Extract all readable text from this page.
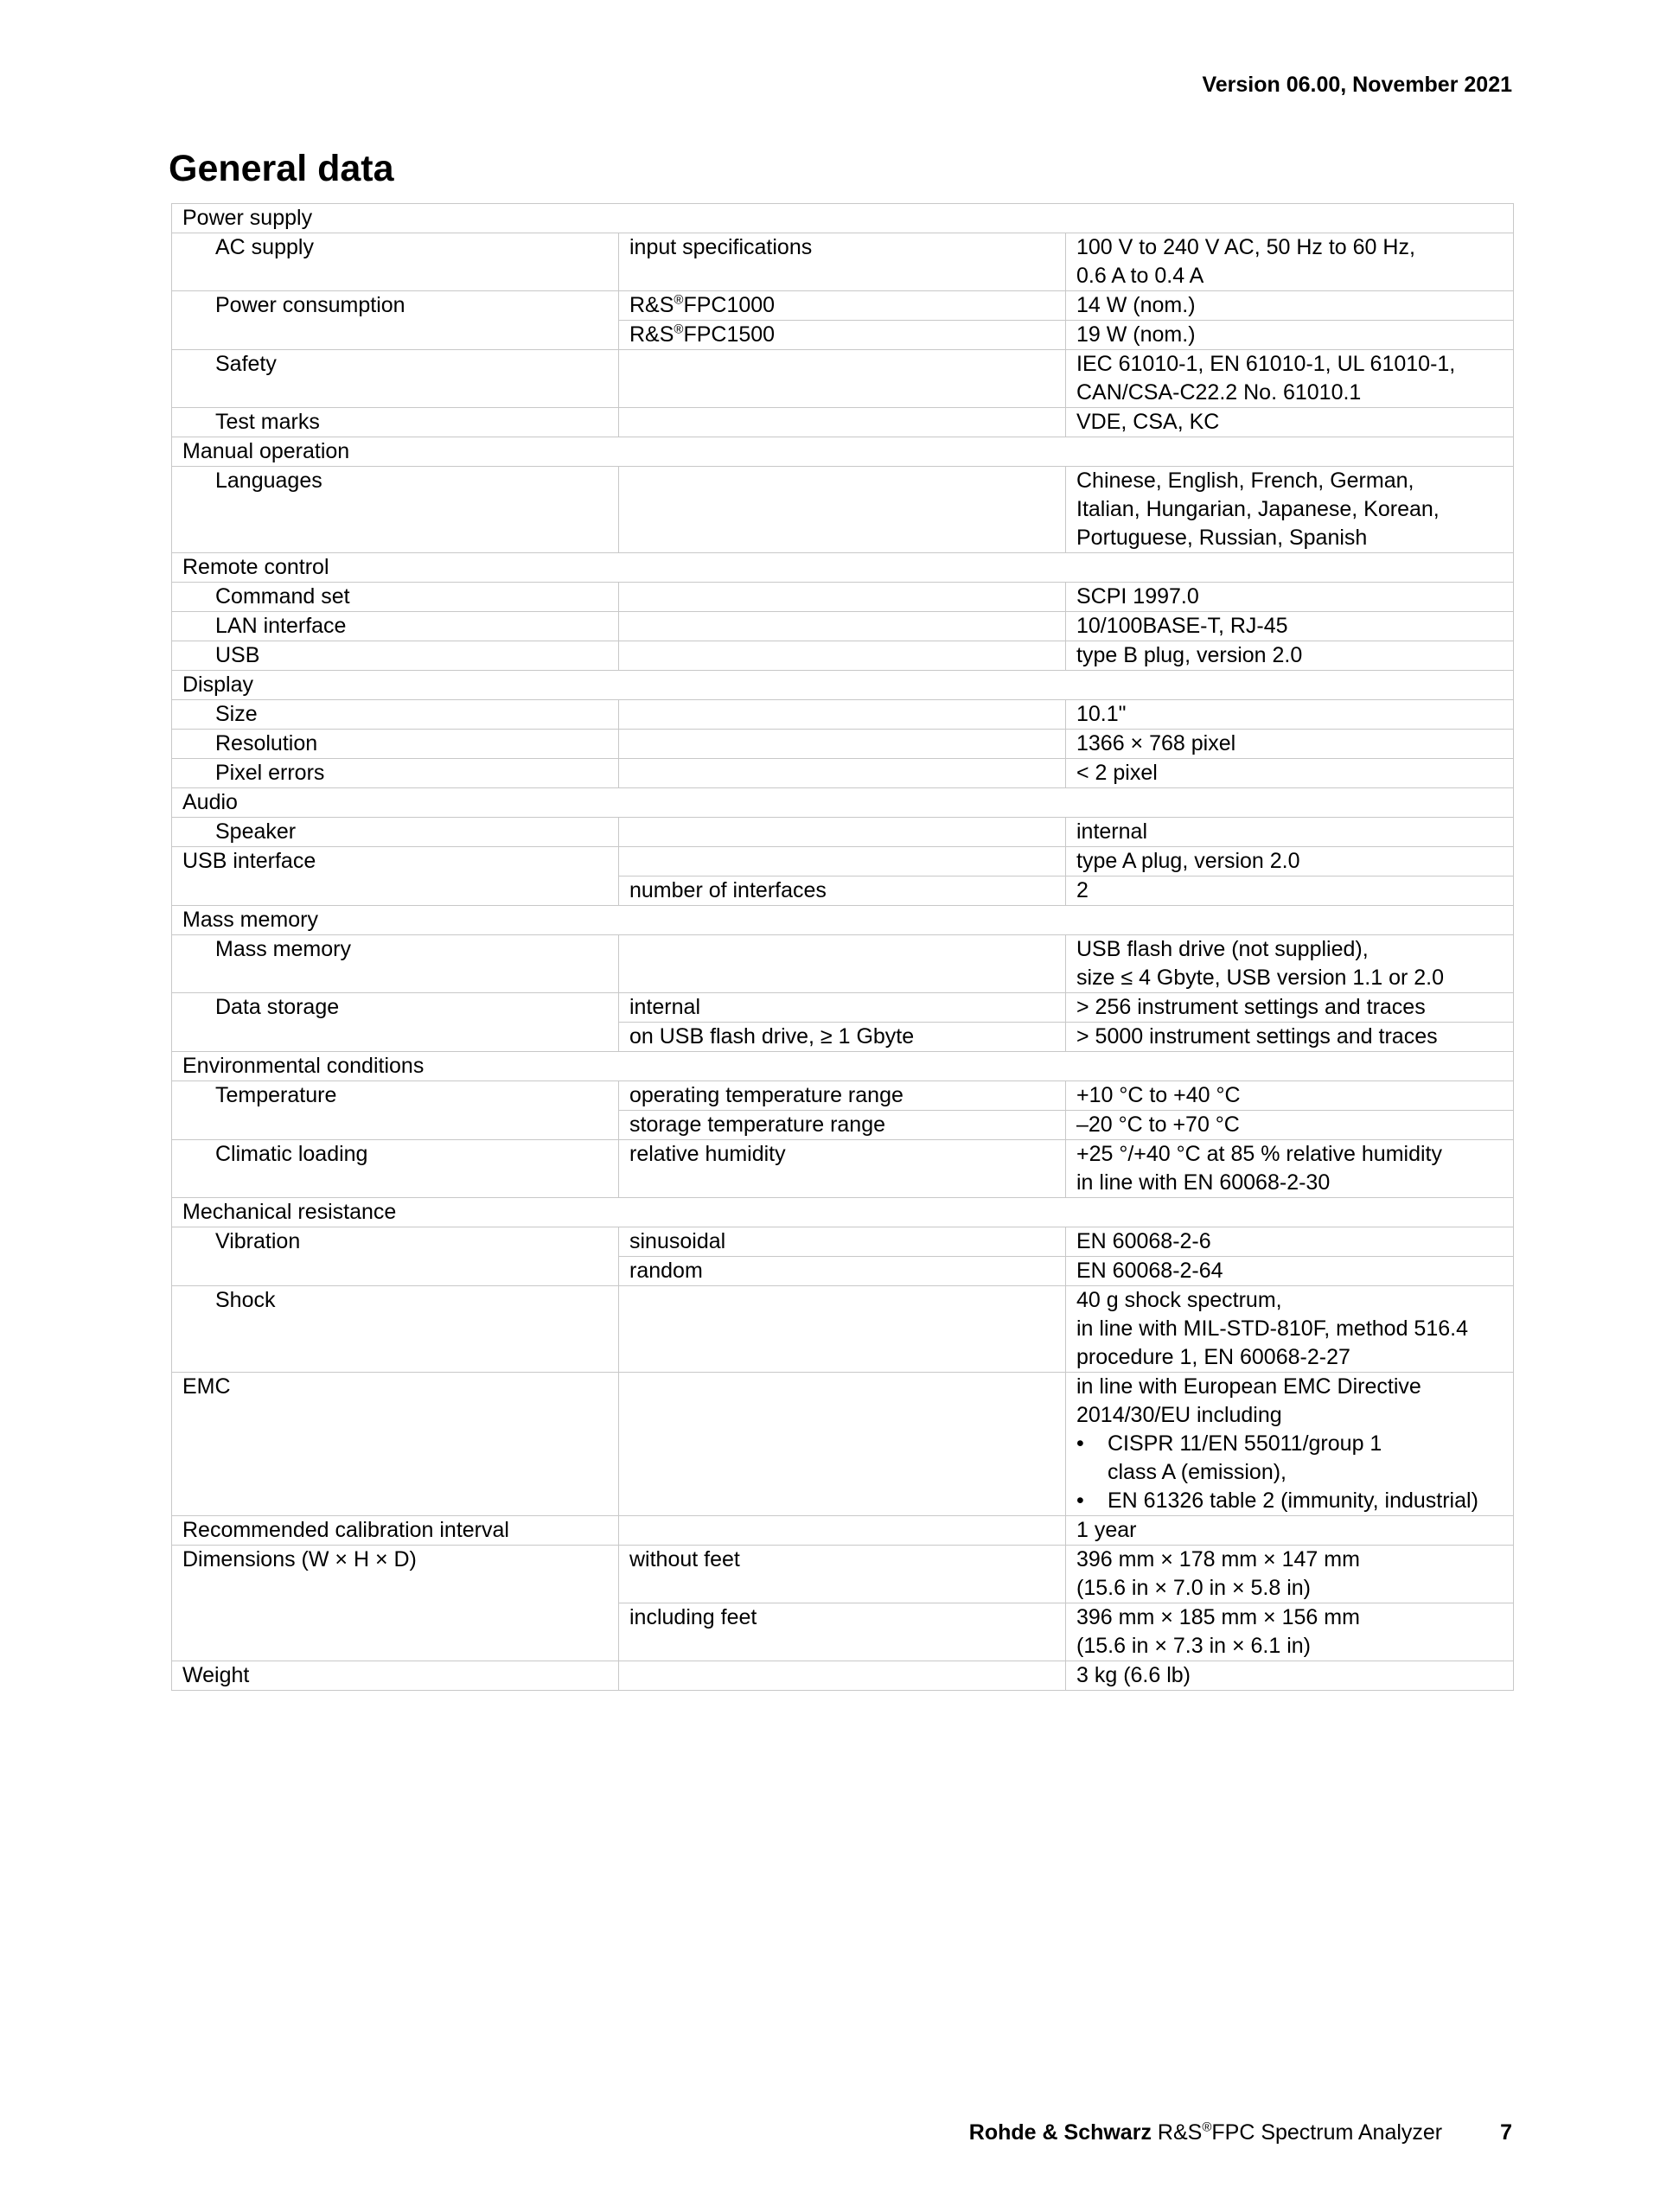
Version 06.00, November 2021
General data
Power supply		
AC supply	input specifications	100 V to 240 V AC, 50 Hz to 60 Hz,
0.6 A to 0.4 A

Power consumption	R&S®FPC1000	14 W (nom.)
	R&S®FPC1500	19 W (nom.)
Safety		IEC 61010-1, EN 61010-1, UL 61010-1,
CAN/CSA-C22.2 No. 61010.1

Test marks		VDE, CSA, KC
Manual operation		
Languages		Chinese, English, French, German,
Italian, Hungarian, Japanese, Korean,
Portuguese, Russian, Spanish

Remote control		
Command set		SCPI 1997.0
LAN interface		10/100BASE-T, RJ-45
USB		type B plug, version 2.0
Display		
Size		10.1"
Resolution		1366 × 768 pixel
Pixel errors		< 2 pixel
Audio		
Speaker		internal
USB interface		type A plug, version 2.0
	number of interfaces	2
Mass memory		
Mass memory		USB flash drive (not supplied),
size ≤ 4 Gbyte, USB version 1.1 or 2.0

Data storage	internal	> 256 instrument settings and traces
	on USB flash drive, ≥ 1 Gbyte	> 5000 instrument settings and traces
Environmental conditions		
Temperature	operating temperature range	+10 °C to +40 °C
	storage temperature range	–20 °C to +70 °C
Climatic loading	relative humidity	+25 °/+40 °C at 85 % relative humidity
in line with EN 60068-2-30

Mechanical resistance		
Vibration	sinusoidal	EN 60068-2-6
	random	EN 60068-2-64
Shock		40 g shock spectrum,
in line with MIL-STD-810F, method 516.4
procedure 1, EN 60068-2-27

EMC		in line with European EMC Directive
2014/30/EU including
• CISPR 11/EN 55011/group 1
class A (emission),
• EN 61326 table 2 (immunity, industrial)

Recommended calibration interval		1 year
Dimensions (W × H × D)	without feet	396 mm × 178 mm × 147 mm
(15.6 in × 7.0 in × 5.8 in)

	including feet	396 mm × 185 mm × 156 mm
(15.6 in × 7.3 in × 6.1 in)

Weight		3 kg (6.6 lb)
Rohde & Schwarz R&S®FPC Spectrum Analyzer	7
